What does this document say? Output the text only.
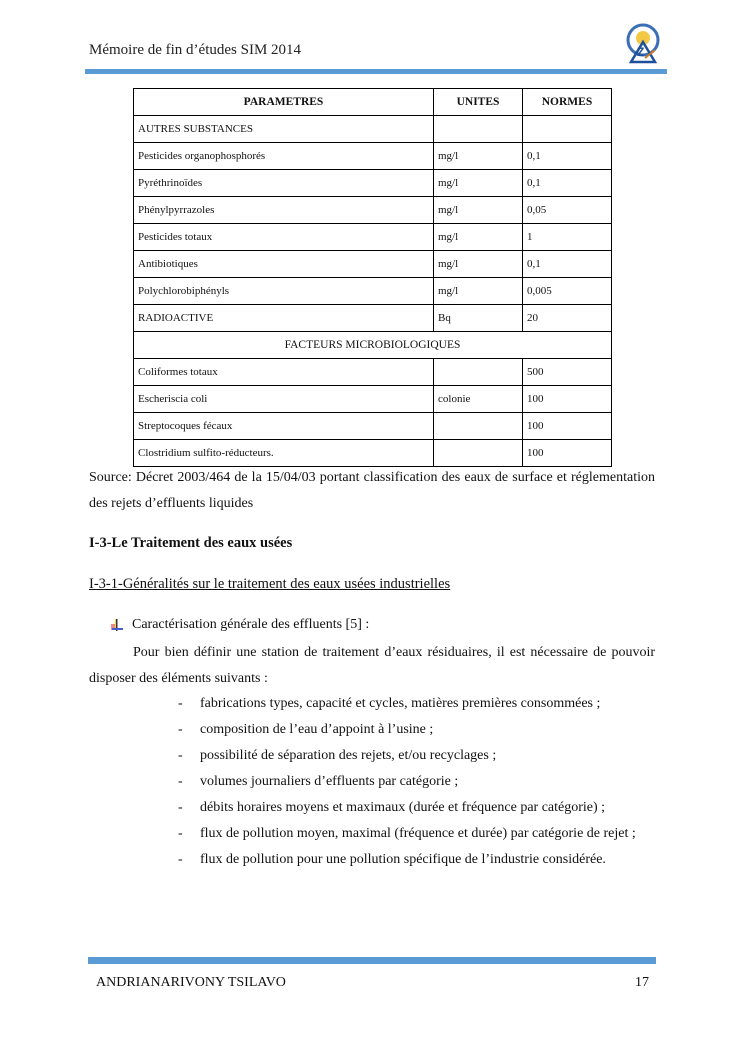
Mémoire de fin d’études SIM 2014	Z
PARAMETRES	UNITES	NORMES
AUTRES SUBSTANCES		
Pesticides organophosphorés	mg/l	0,1
Pyréthrinoïdes	mg/l	0,1
Phénylpyrrazoles	mg/l	0,05
Pesticides totaux	mg/l	1
Antibiotiques	mg/l	0,1
Polychlorobiphényls	mg/l	0,005
RADIOACTIVE	Bq	20
FACTEURS MICROBIOLOGIQUES		
Coliformes totaux		500
Escheriscia coli	colonie	100
Streptocoques fécaux		100
Clostridium sulfito-réducteurs.		100
Source: Décret 2003/464 de la 15/04/03 portant classification des eaux de surface et réglementation des rejets d’effluents liquides
I-3-Le Traitement des eaux usées
I-3-1-Généralités sur le traitement des eaux usées industrielles
Caractérisation générale des effluents [5] :
Pour bien définir une station de traitement d’eaux résiduaires, il est nécessaire de pouvoir disposer des éléments suivants :
-	fabrications types, capacité et cycles, matières premières consommées ;
-	composition de l’eau d’appoint à l’usine ;
-	possibilité de séparation des rejets, et/ou recyclages ;
-	volumes journaliers d’effluents par catégorie ;
-	débits horaires moyens et maximaux (durée et fréquence par catégorie) ;
-	flux de pollution moyen, maximal (fréquence et durée) par catégorie de rejet ;
-	flux de pollution pour une pollution spécifique de l’industrie considérée.
ANDRIANARIVONY TSILAVO	17
